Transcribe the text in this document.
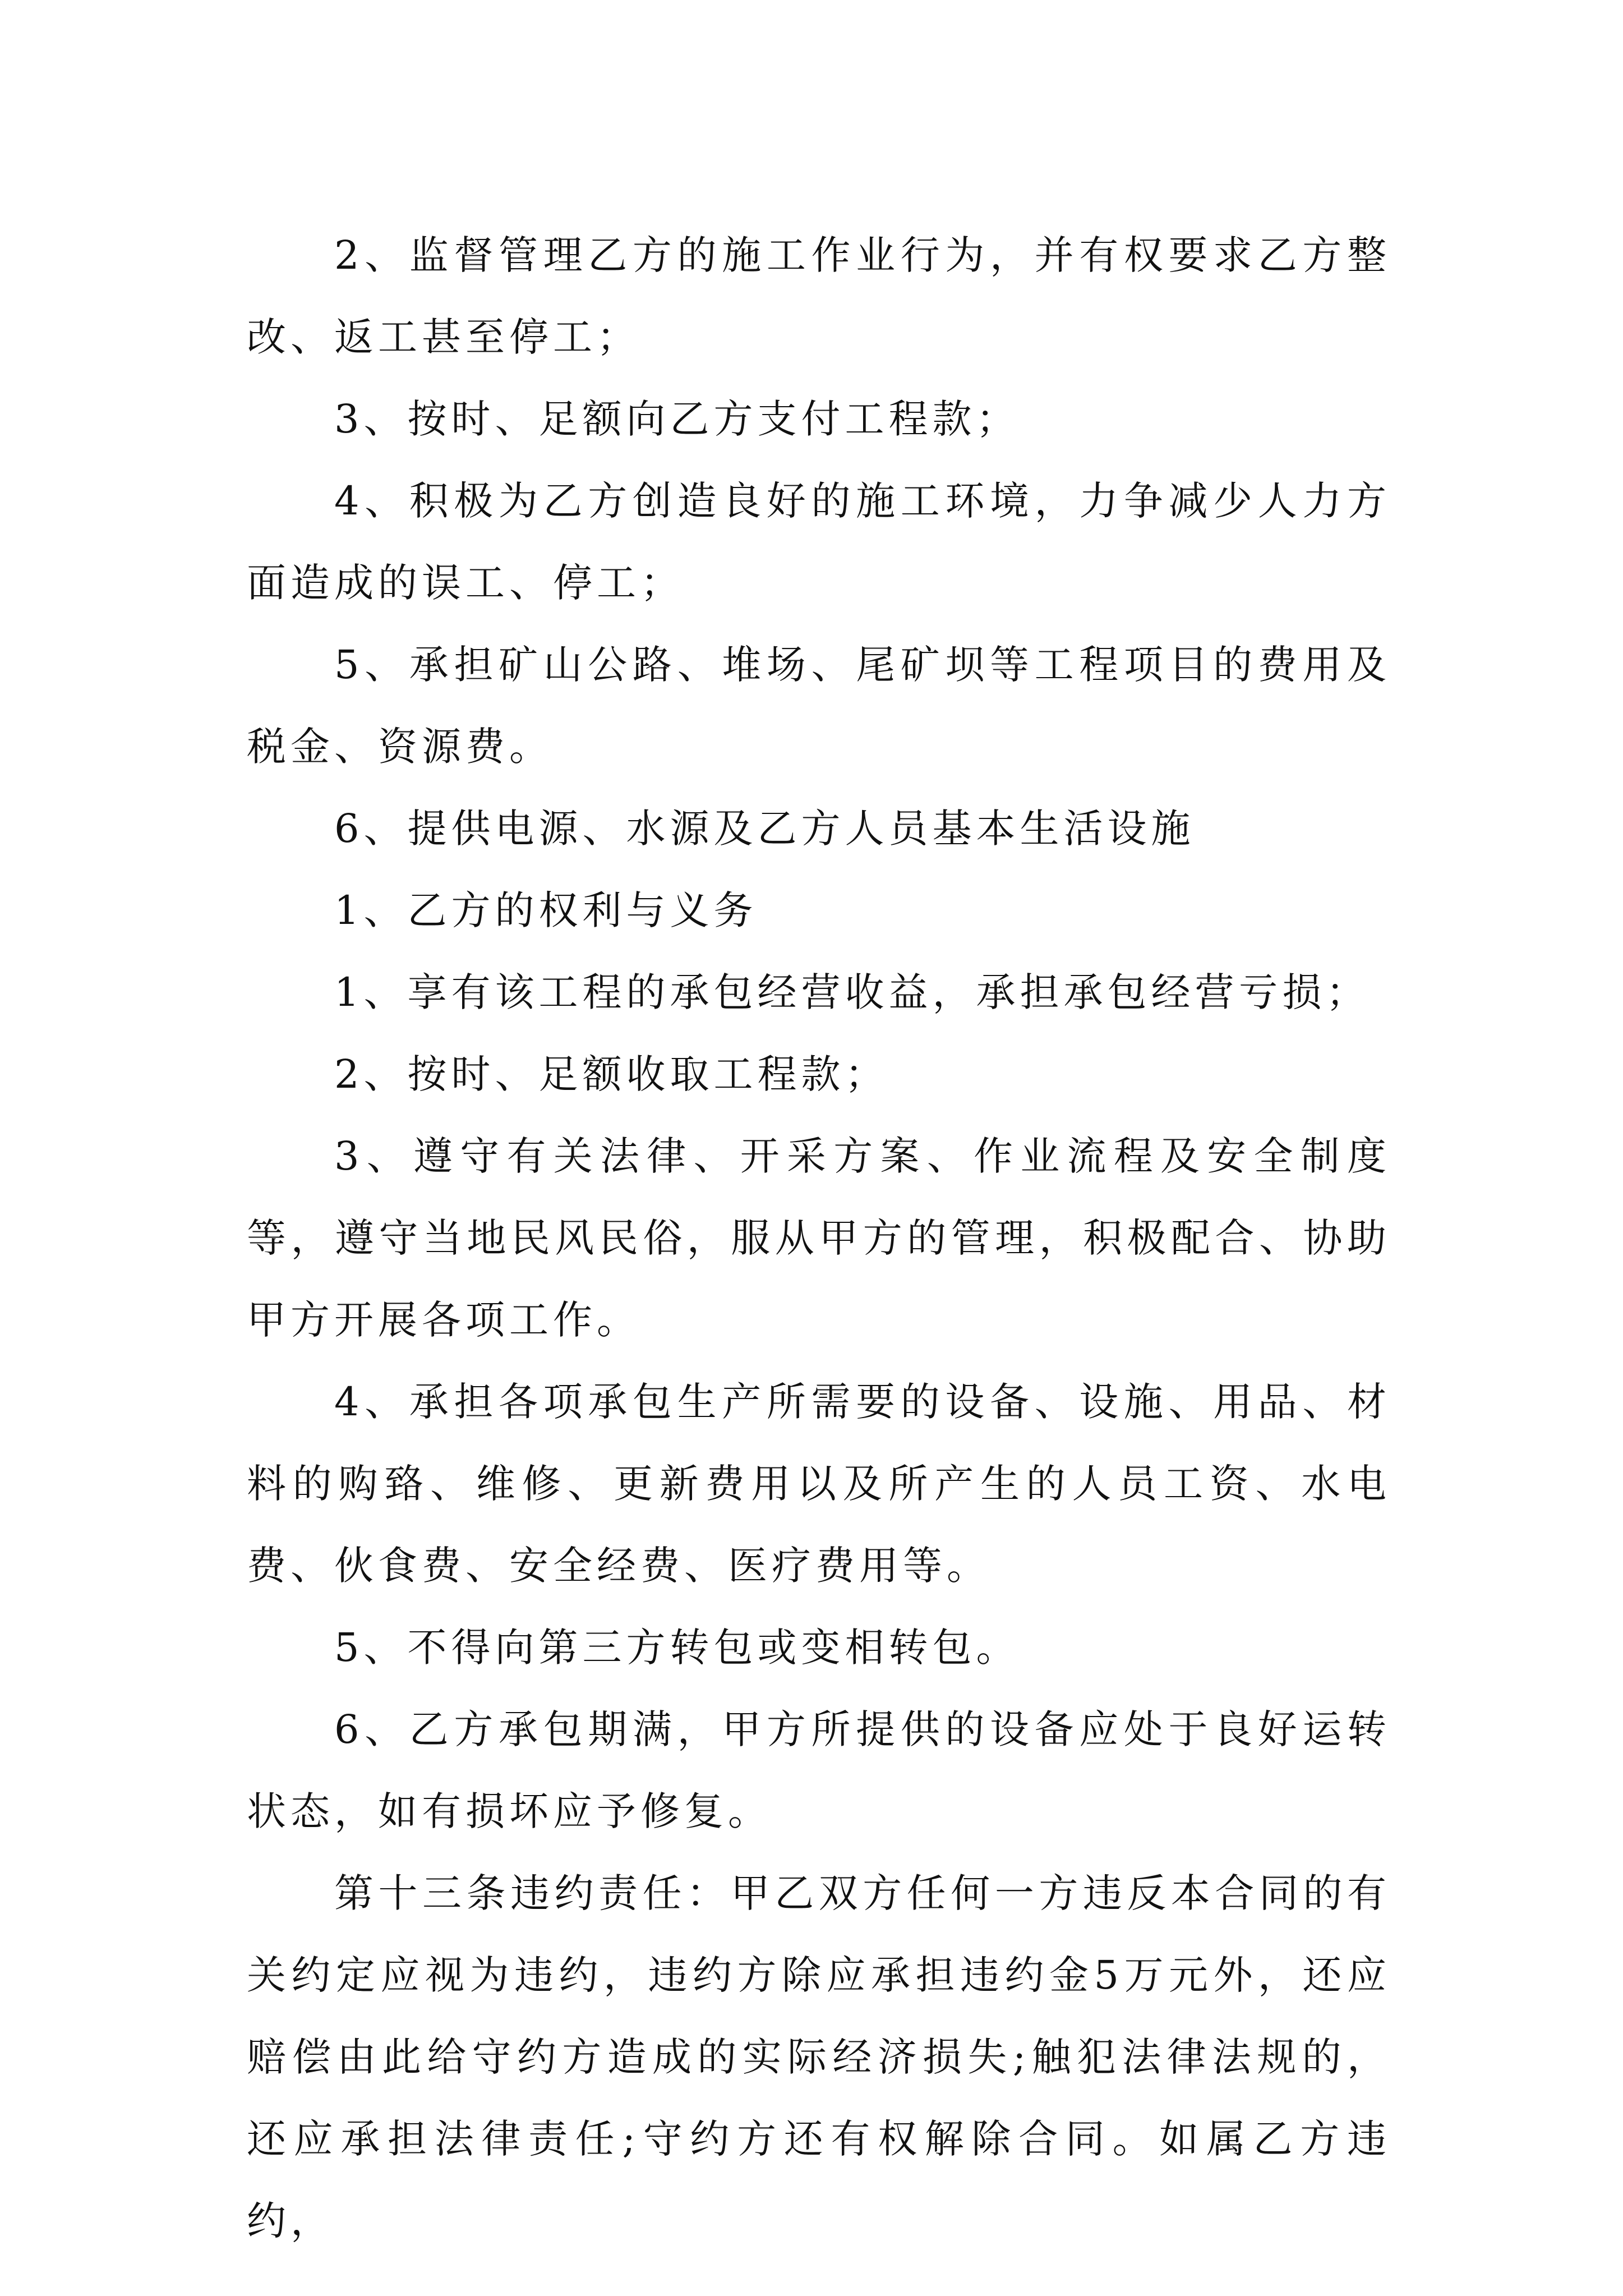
2、监督管理乙方的施工作业行为，并有权要求乙方整改、返工甚至停工；

3、按时、足额向乙方支付工程款；

4、积极为乙方创造良好的施工环境，力争减少人力方面造成的误工、停工；

5、承担矿山公路、堆场、尾矿坝等工程项目的费用及税金、资源费。

6、提供电源、水源及乙方人员基本生活设施

1、乙方的权利与义务

1、享有该工程的承包经营收益，承担承包经营亏损；

2、按时、足额收取工程款；

3、遵守有关法律、开采方案、作业流程及安全制度等，遵守当地民风民俗，服从甲方的管理，积极配合、协助甲方开展各项工作。

4、承担各项承包生产所需要的设备、设施、用品、材料的购臵、维修、更新费用以及所产生的人员工资、水电费、伙食费、安全经费、医疗费用等。

5、不得向第三方转包或变相转包。

6、乙方承包期满，甲方所提供的设备应处于良好运转状态，如有损坏应予修复。

第十三条违约责任：甲乙双方任何一方违反本合同的有关约定应视为违约，违约方除应承担违约金5万元外，还应赔偿由此给守约方造成的实际经济损失;触犯法律法规的，还应承担法律责任;守约方还有权解除合同。如属乙方违约，
